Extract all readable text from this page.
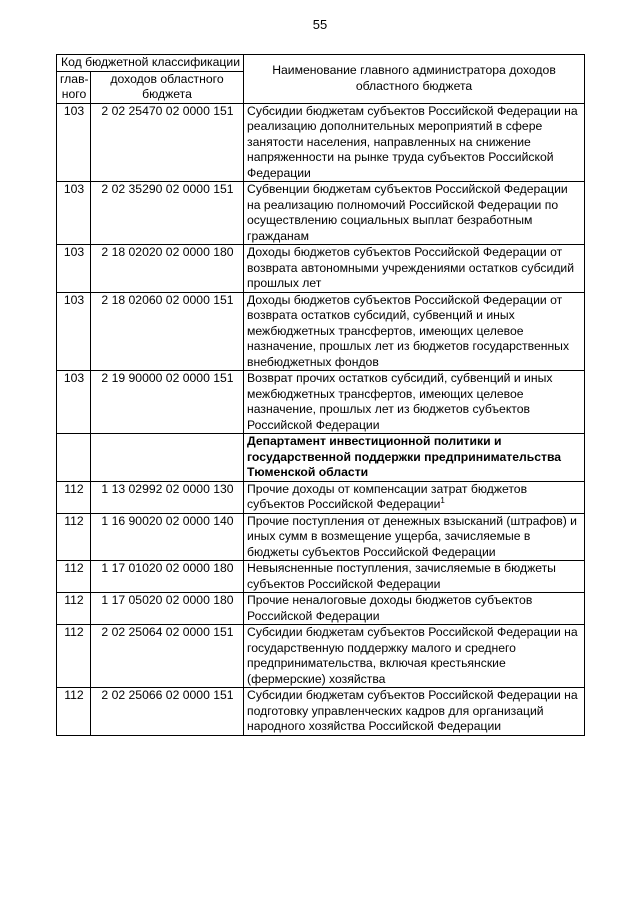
55
Код бюджетной классификации		Наименование главного администратора доходов областного бюджета
глав-ного	доходов областного бюджета	
103	2 02 25470 02 0000 151	Субсидии бюджетам субъектов Российской Федерации на реализацию дополнительных мероприятий в сфере занятости населения, направленных на снижение напряженности на рынке труда субъектов Российской Федерации
103	2 02 35290 02 0000 151	Субвенции бюджетам субъектов Российской Федерации на реализацию полномочий Российской Федерации по осуществлению социальных выплат безработным гражданам
103	2 18 02020 02 0000 180	Доходы бюджетов субъектов Российской Федерации от возврата автономными учреждениями остатков субсидий прошлых лет
103	2 18 02060 02 0000 151	Доходы бюджетов субъектов Российской Федерации от возврата остатков субсидий, субвенций и иных межбюджетных трансфертов, имеющих целевое назначение, прошлых лет из бюджетов государственных внебюджетных фондов
103	2 19 90000 02 0000 151	Возврат прочих остатков субсидий, субвенций и иных межбюджетных трансфертов, имеющих целевое назначение, прошлых лет из бюджетов субъектов Российской Федерации
		Департамент инвестиционной политики и государственной поддержки предпринимательства Тюменской области
112	1 13 02992 02 0000 130	Прочие доходы от компенсации затрат бюджетов субъектов Российской Федерации$^1$
112	1 16 90020 02 0000 140	Прочие поступления от денежных взысканий (штрафов) и иных сумм в возмещение ущерба, зачисляемые в бюджеты субъектов Российской Федерации
112	1 17 01020 02 0000 180	Невыясненные поступления, зачисляемые в бюджеты субъектов Российской Федерации
112	1 17 05020 02 0000 180	Прочие неналоговые доходы бюджетов субъектов Российской Федерации
112	2 02 25064 02 0000 151	Субсидии бюджетам субъектов Российской Федерации на государственную поддержку малого и среднего предпринимательства, включая крестьянские (фермерские) хозяйства
112	2 02 25066 02 0000 151	Субсидии бюджетам субъектов Российской Федерации на подготовку управленческих кадров для организаций народного хозяйства Российской Федерации
